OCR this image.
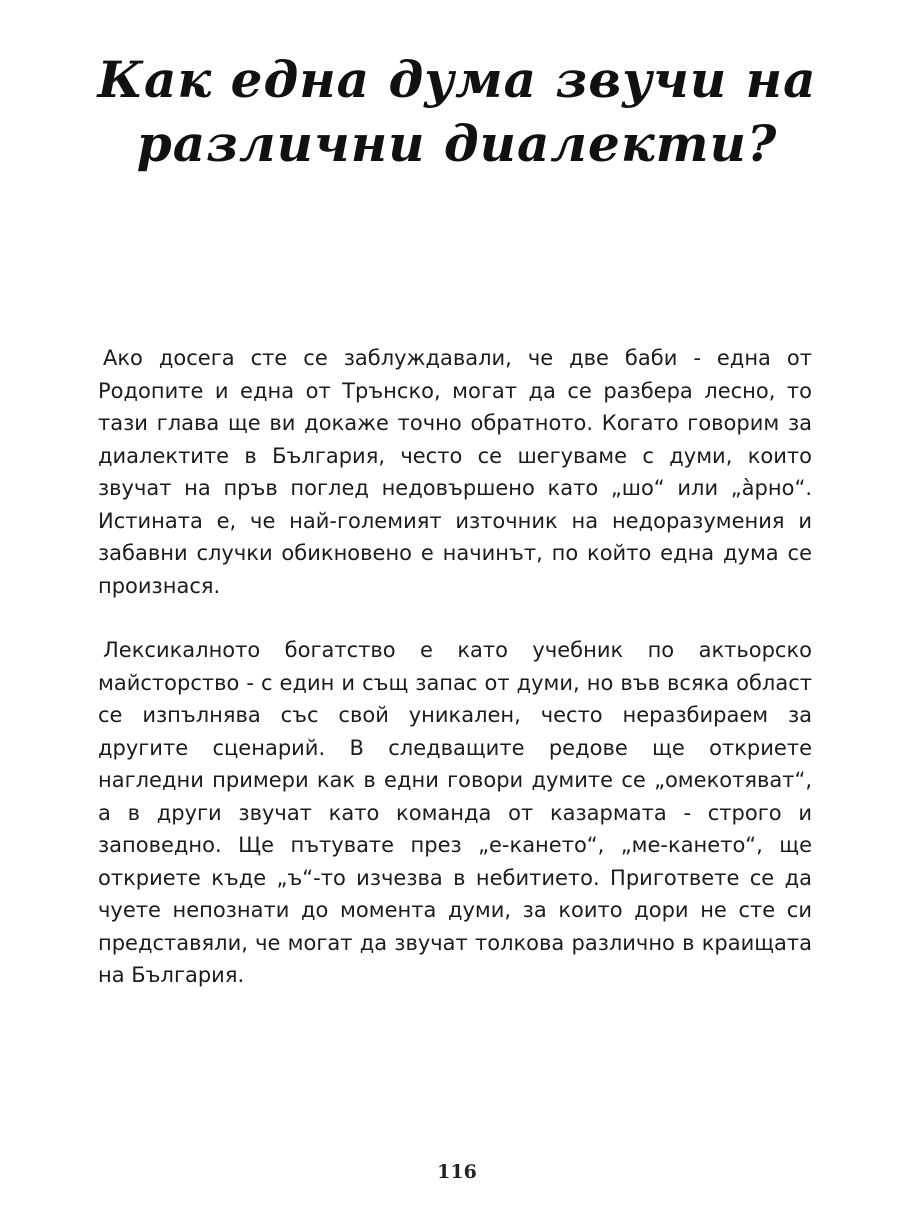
Как една дума звучи на
различни диалекти?

Ако досега сте се заблуждавали, че две баби - една от Родопите и една от Трънско, могат да се разбера лесно, то тази глава ще ви докаже точно обратното. Когато говорим за диалектите в България, често се шегуваме с думи, които звучат на пръв поглед недовършено като „шо“ или „а̀рно“. Истината е, че най-големият източник на недоразумения и забавни случки обикновено е начинът, по който една дума се произнася.

Лексикалното богатство е като учебник по актьорско майсторство - с един и същ запас от думи, но във всяка област се изпълнява със свой уникален, често неразбираем за другите сценарий. В следващите редове ще откриете нагледни примери как в едни говори думите се „омекотяват“, а в други звучат като команда от казармата - строго и заповедно. Ще пътувате през „е-кането“, „ме-кането“, ще откриете къде „ъ“-то изчезва в небитието. Пригответе се да чуете непознати до момента думи, за които дори не сте си представяли, че могат да звучат толкова различно в краищата на България.

116
